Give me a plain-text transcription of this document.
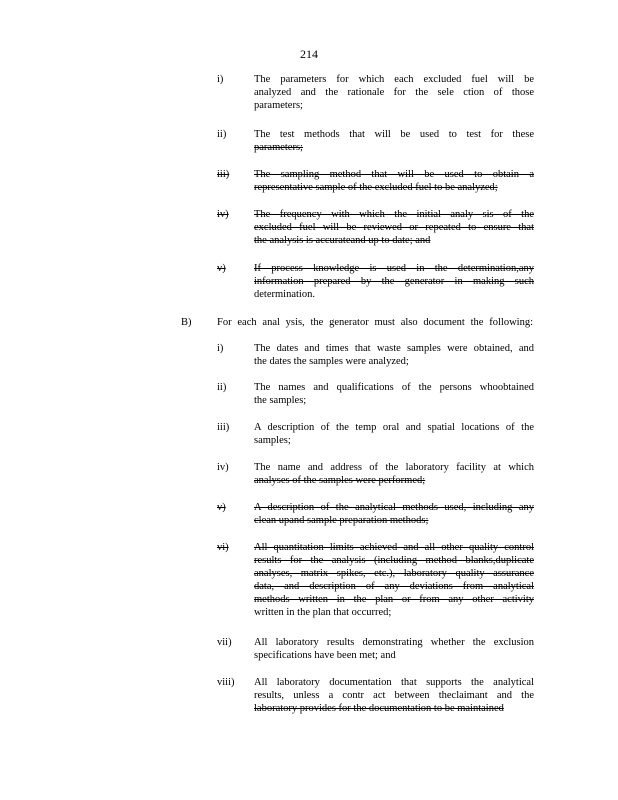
214
i)	The parameters for which each excluded fuel will be
analyzed and the rationale for the sele ction of those
parameters;
ii)	The test methods that will be used to test for these
parameters;
iii) The sampling method that will be used to obtain a
representative sample of the excluded fuel to be analyzed;
iv) The frequency with which the initial analy sis of the
excluded fuel will be reviewed or repeated to ensure that
the analysis is accurateand up to date; and
v)	If process knowledge is used in the determination,any
information prepared by the generator in making such
determination.
B) For each anal ysis, the generator must also document the following:
i)	The dates and times that waste samples were obtained, and
the dates the samples were analyzed;
ii)	The names and qualifications of the persons whoobtained
the samples;
iii) A description of the temp oral and spatial locations of the
samples;
iv) The name and address of the laboratory facility at which
analyses of the samples were performed;
v)	A description of the analytical methods used, including any
clean upand sample preparation methods;
vi) All quantitation limits achieved and all other quality control
results for the analysis (including method blanks,duplicate
analyses, matrix spikes, etc.), laboratory quality assurance
data, and description of any deviations from analytical
methods written in the plan or from any other activity
written in the plan that occurred;
vii) All laboratory results demonstrating whether the exclusion
specifications have been met; and
viii) All laboratory documentation that supports the analytical
results, unless a contr act between theclaimant and the
laboratory provides for the documentation to be maintained
